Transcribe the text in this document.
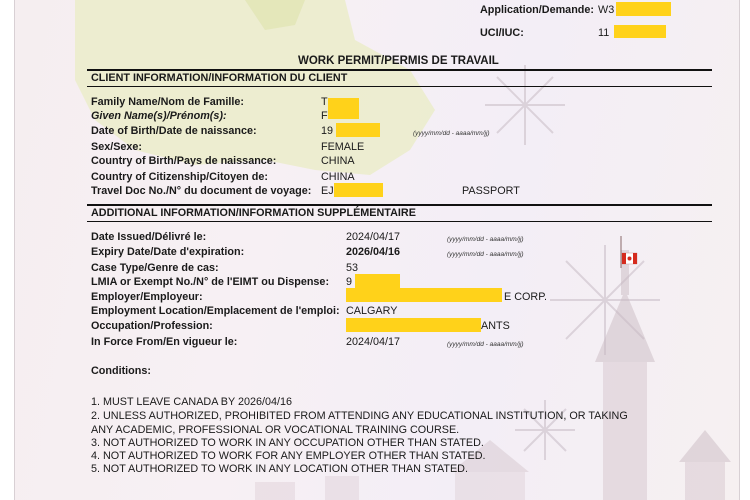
Application/Demande: W3
UCI/IUC:	11
WORK PERMIT/PERMIS DE TRAVAIL
CLIENT INFORMATION/INFORMATION DU CLIENT
Family Name/Nom de Famille:	T
Given Name(s)/Prénom(s):	F
Date of Birth/Date de naissance:	19	(yyyy/mm/dd - aaaa/mm/jj)
Sex/Sexe:	FEMALE
Country of Birth/Pays de naissance:	CHINA
Country of Citizenship/Citoyen de:	CHINA
Travel Doc No./N° du document de voyage: EJ	PASSPORT
ADDITIONAL INFORMATION/INFORMATION SUPPLÉMENTAIRE
Date Issued/Délivré le:	2024/04/17	(yyyy/mm/dd - aaaa/mm/jj)
Expiry Date/Date d'expiration:	2026/04/16	(yyyy/mm/dd - aaaa/mm/jj)
Case Type/Genre de cas:	53
LMIA or Exempt No./N° de l'EIMT ou Dispense: 9
Employer/Employeur:	E CORP.
Employment Location/Emplacement de l'emploi: CALGARY
Occupation/Profession:	ANTS
In Force From/En vigueur le:	2024/04/17	(yyyy/mm/dd - aaaa/mm/jj)
Conditions:
1. MUST LEAVE CANADA BY 2026/04/16
2. UNLESS AUTHORIZED, PROHIBITED FROM ATTENDING ANY EDUCATIONAL INSTITUTION, OR TAKING
ANY ACADEMIC, PROFESSIONAL OR VOCATIONAL TRAINING COURSE.
3. NOT AUTHORIZED TO WORK IN ANY OCCUPATION OTHER THAN STATED.
4. NOT AUTHORIZED TO WORK FOR ANY EMPLOYER OTHER THAN STATED.
5. NOT AUTHORIZED TO WORK IN ANY LOCATION OTHER THAN STATED.
